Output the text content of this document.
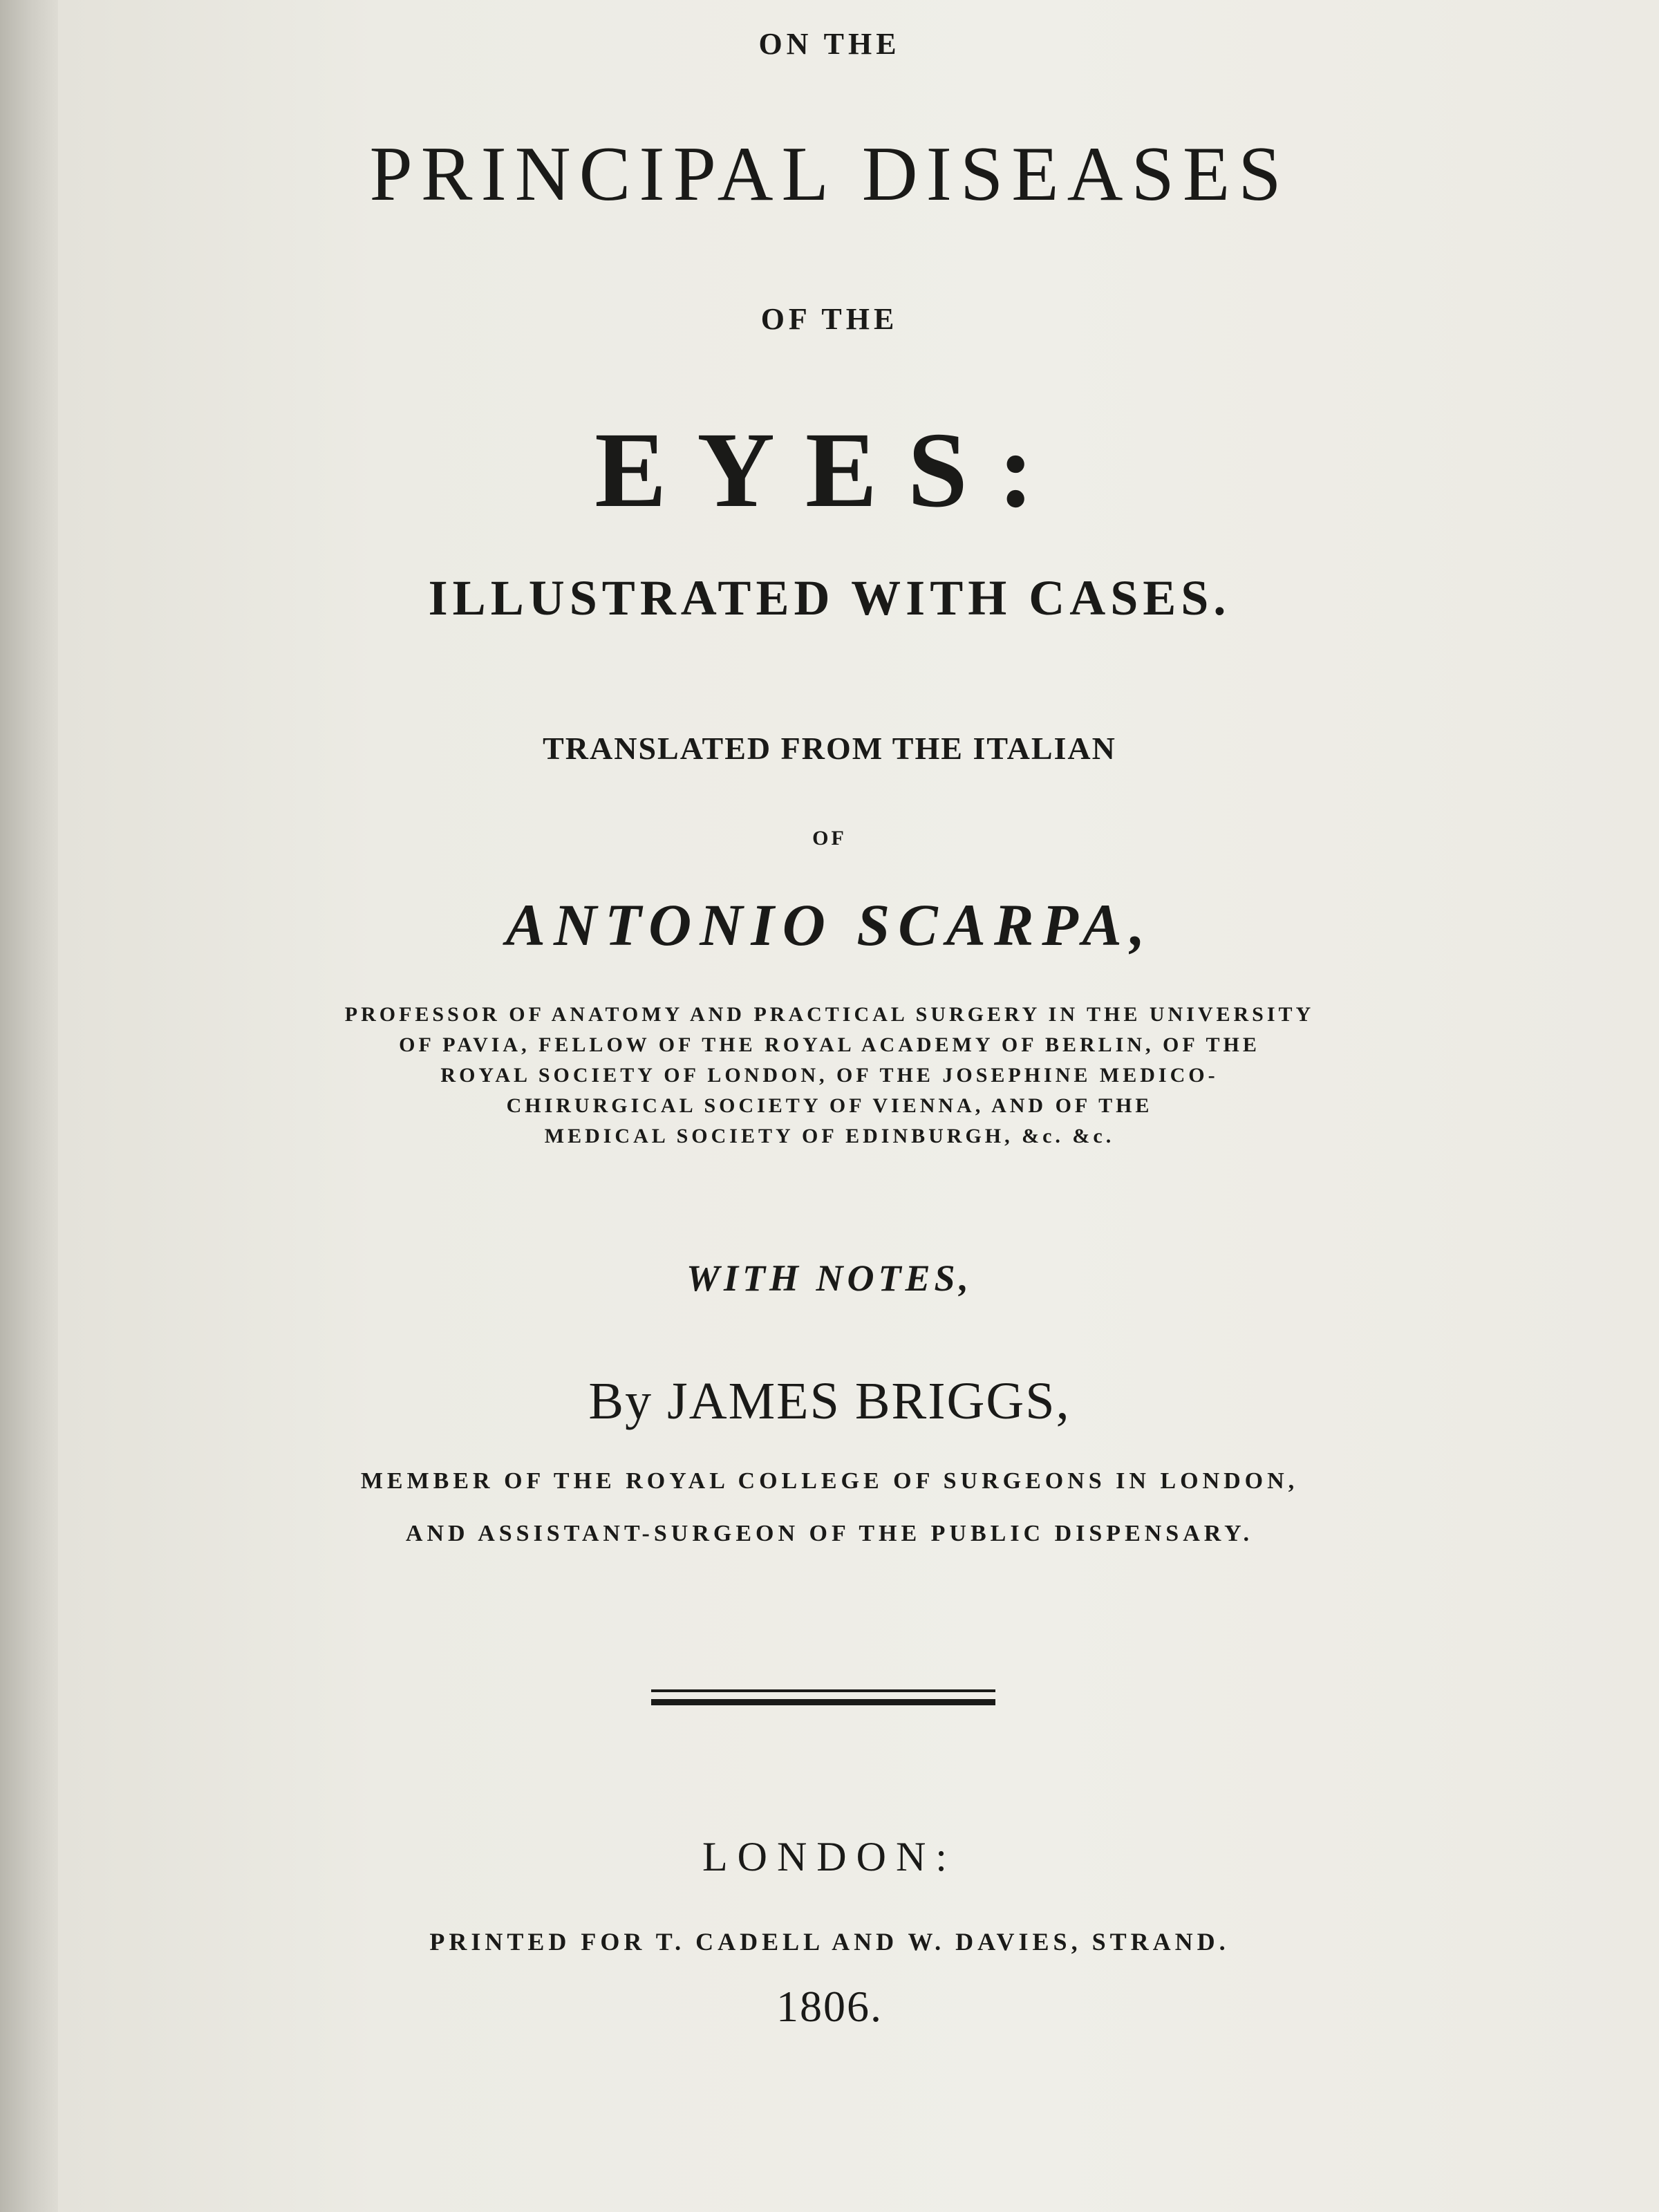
ON THE

PRINCIPAL DISEASES

OF THE

EYES:

ILLUSTRATED WITH CASES.

TRANSLATED FROM THE ITALIAN

OF

ANTONIO SCARPA,

PROFESSOR OF ANATOMY AND PRACTICAL SURGERY IN THE UNIVERSITY
OF PAVIA, FELLOW OF THE ROYAL ACADEMY OF BERLIN, OF THE
ROYAL SOCIETY OF LONDON, OF THE JOSEPHINE MEDICO-
CHIRURGICAL SOCIETY OF VIENNA, AND OF THE
MEDICAL SOCIETY OF EDINBURGH, &c. &c.

WITH NOTES,

By JAMES BRIGGS,

MEMBER OF THE ROYAL COLLEGE OF SURGEONS IN LONDON,

AND ASSISTANT-SURGEON OF THE PUBLIC DISPENSARY.

LONDON:

PRINTED FOR T. CADELL AND W. DAVIES, STRAND.

1806.
